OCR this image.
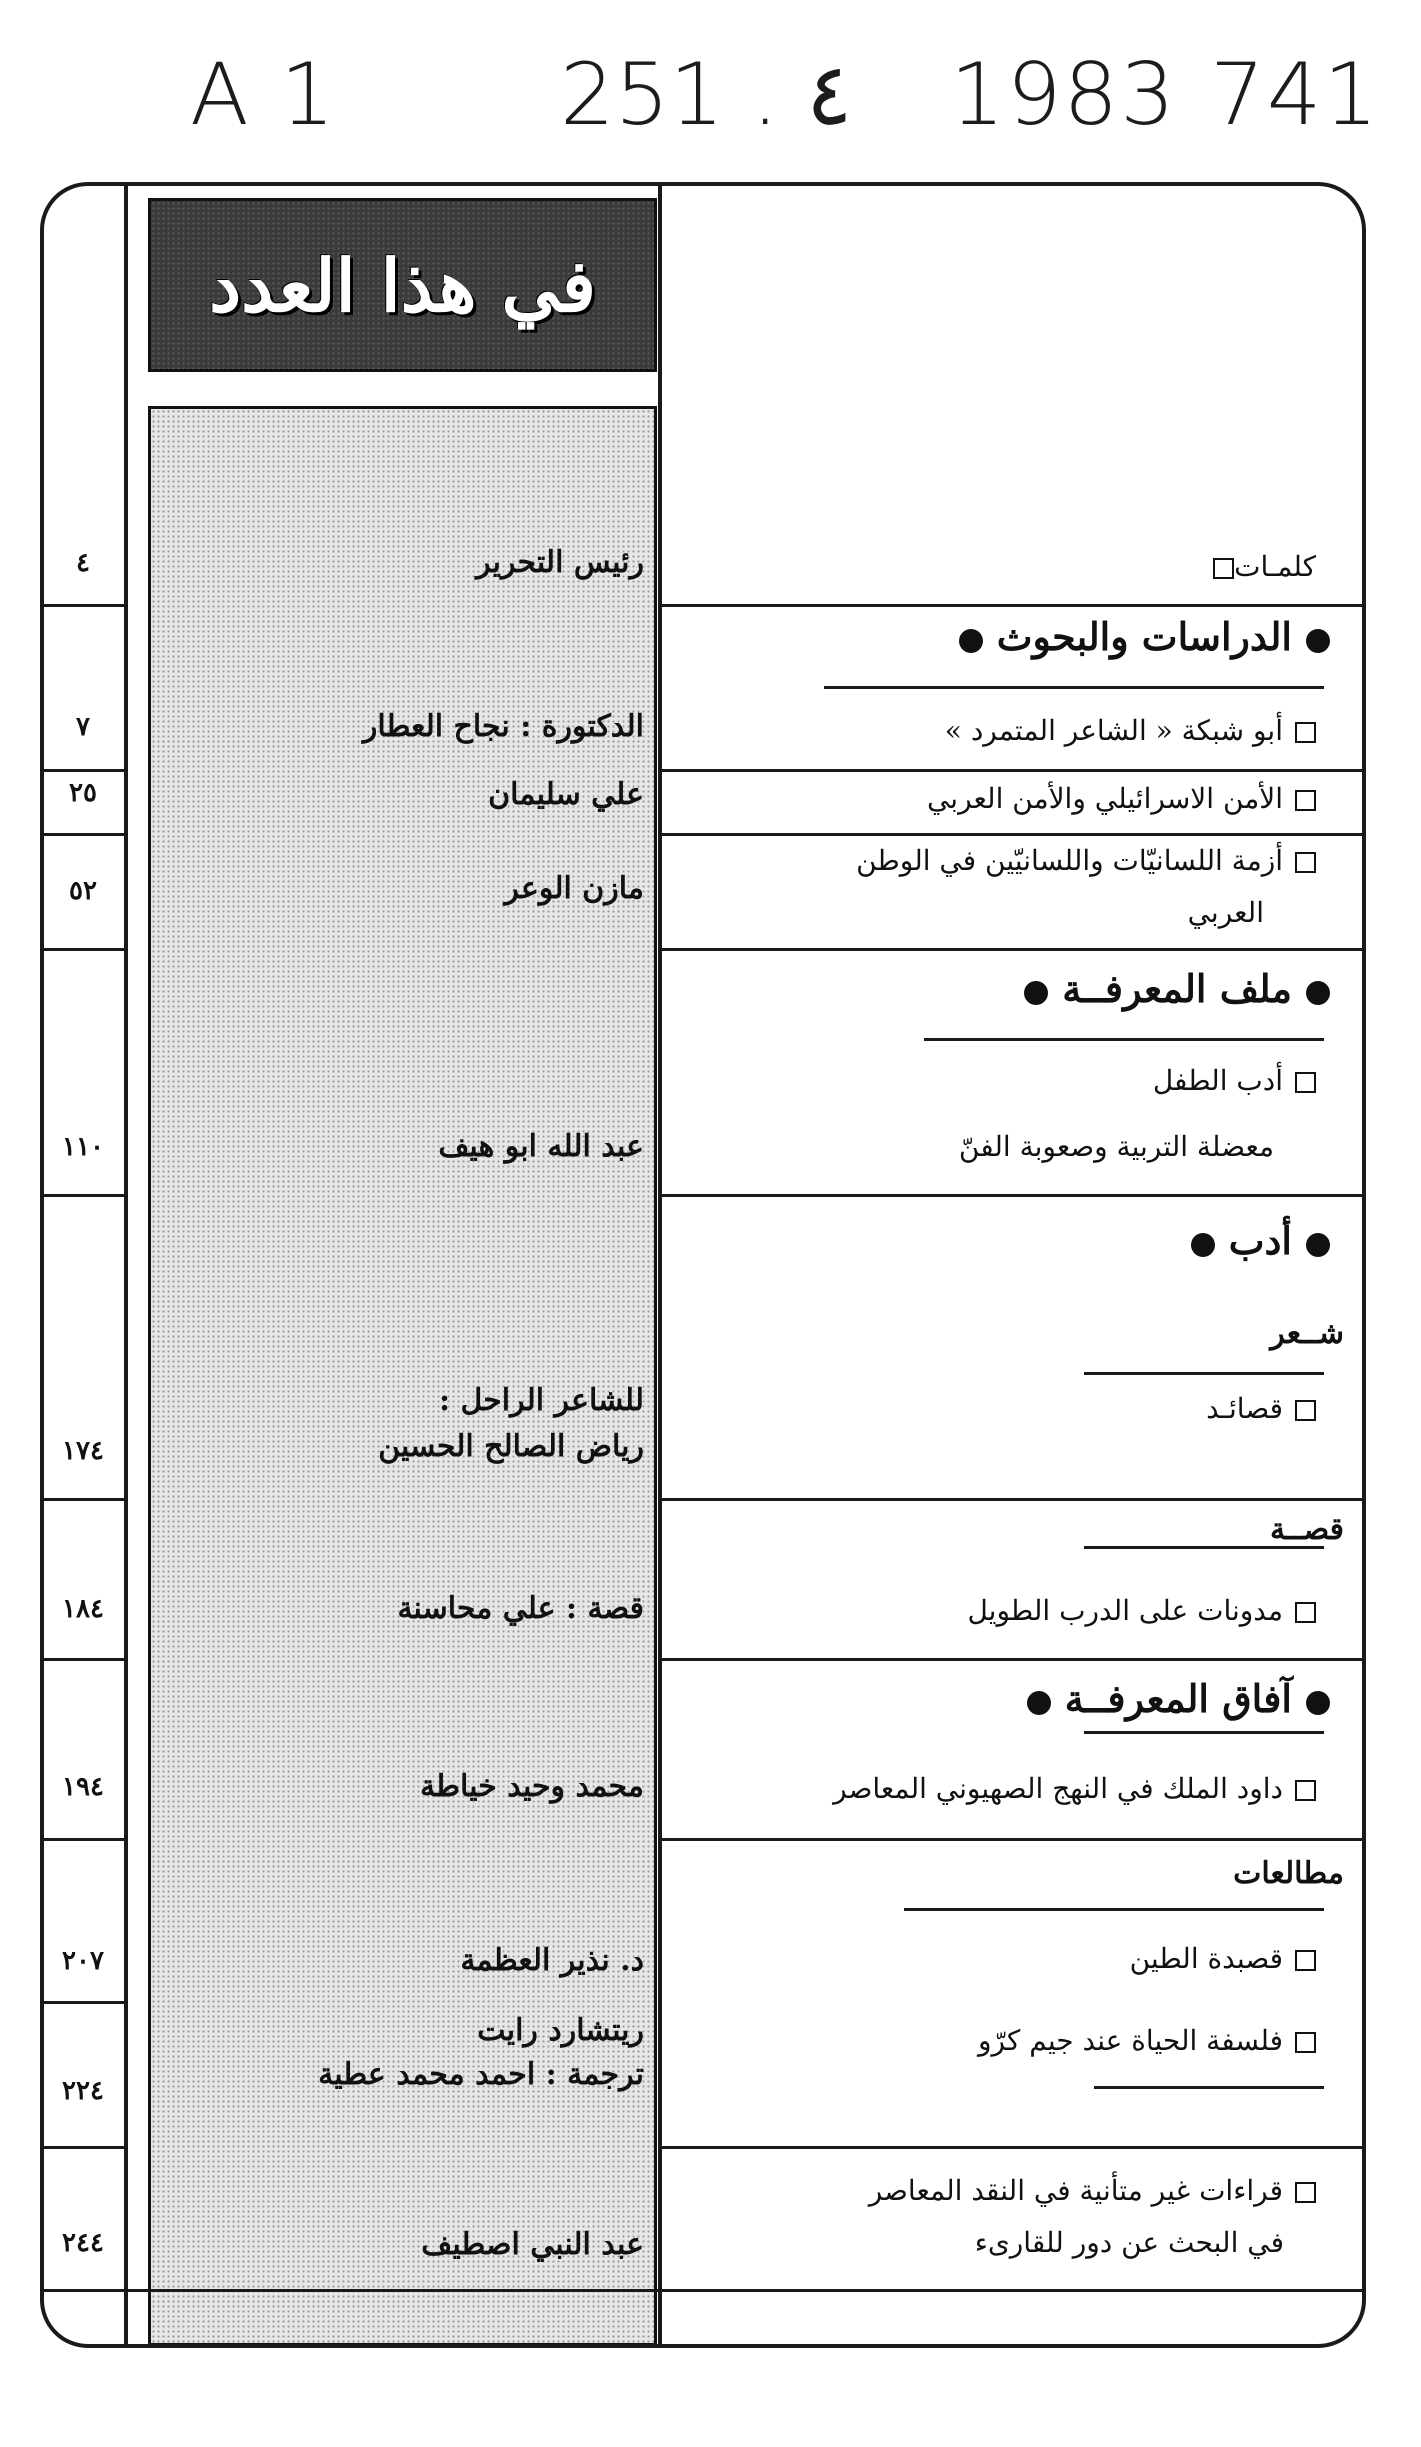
A 1	251 . ٤ 1983 741
في هذا العدد
كلمـات
رئيس التحرير
٤
الدراسات والبحوث
أبو شبكة « الشاعر المتمرد »
الدكتورة : نجاح العطار
٧
الأمن الاسرائيلي والأمن العربي
علي سليمان
٢٥
أزمة اللسانيّات واللسانيّين في الوطن
العربي
مازن الوعر
٥٢
ملف المعرفــة
أدب الطفل
معضلة التربية وصعوبة الفنّ
عبد الله ابو هيف
١١٠
أدب
شــعر
قصائـد
للشاعر الراحل :
رياض الصالح الحسين
١٧٤
قصــة
مدونات على الدرب الطويل
قصة : علي محاسنة
١٨٤
آفاق المعرفــة
داود الملك في النهج الصهيوني المعاصر
محمد وحيد خياطة
١٩٤
مطالعات
قصبدة الطين
د. نذير العظمة
٢٠٧
فلسفة الحياة عند جيم كرّو
ريتشارد رايت
ترجمة : احمد محمد عطية
٢٢٤
قراءات غير متأنية في النقد المعاصر
في البحث عن دور للقارىء
عبد النبي اصطيف
٢٤٤
